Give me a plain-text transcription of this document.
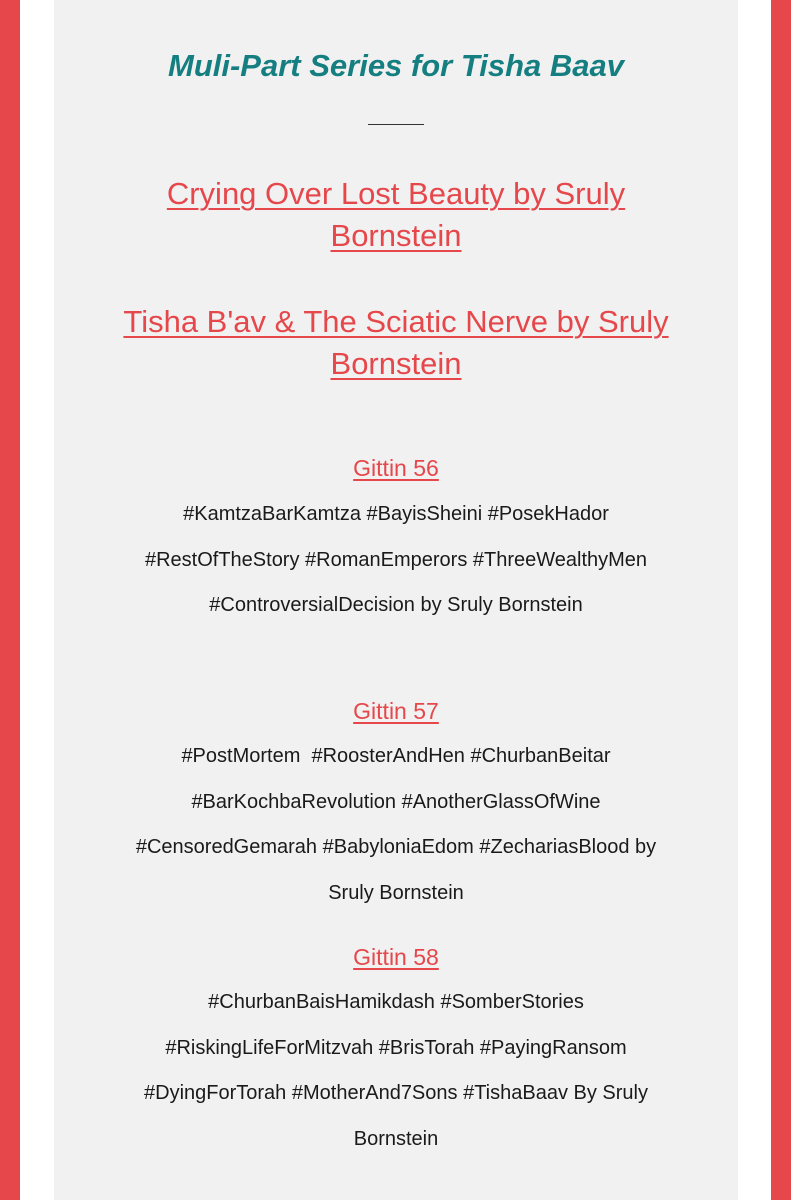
Muli-Part Series for Tisha Baav
Crying Over Lost Beauty by Sruly
Bornstein
Tisha B'av & The Sciatic Nerve by Sruly
Bornstein
Gittin 56
#KamtzaBarKamtza #BayisSheini #PosekHador
#RestOfTheStory #RomanEmperors #ThreeWealthyMen
#ControversialDecision by Sruly Bornstein
Gittin 57
#PostMortem  #RoosterAndHen #ChurbanBeitar
#BarKochbaRevolution #AnotherGlassOfWine
#CensoredGemarah #BabyloniaEdom #ZechariasBlood by
Sruly Bornstein
Gittin 58
#ChurbanBaisHamikdash #SomberStories
#RiskingLifeForMitzvah #BrisTorah #PayingRansom
#DyingForTorah #MotherAnd7Sons #TishaBaav By Sruly
Bornstein
